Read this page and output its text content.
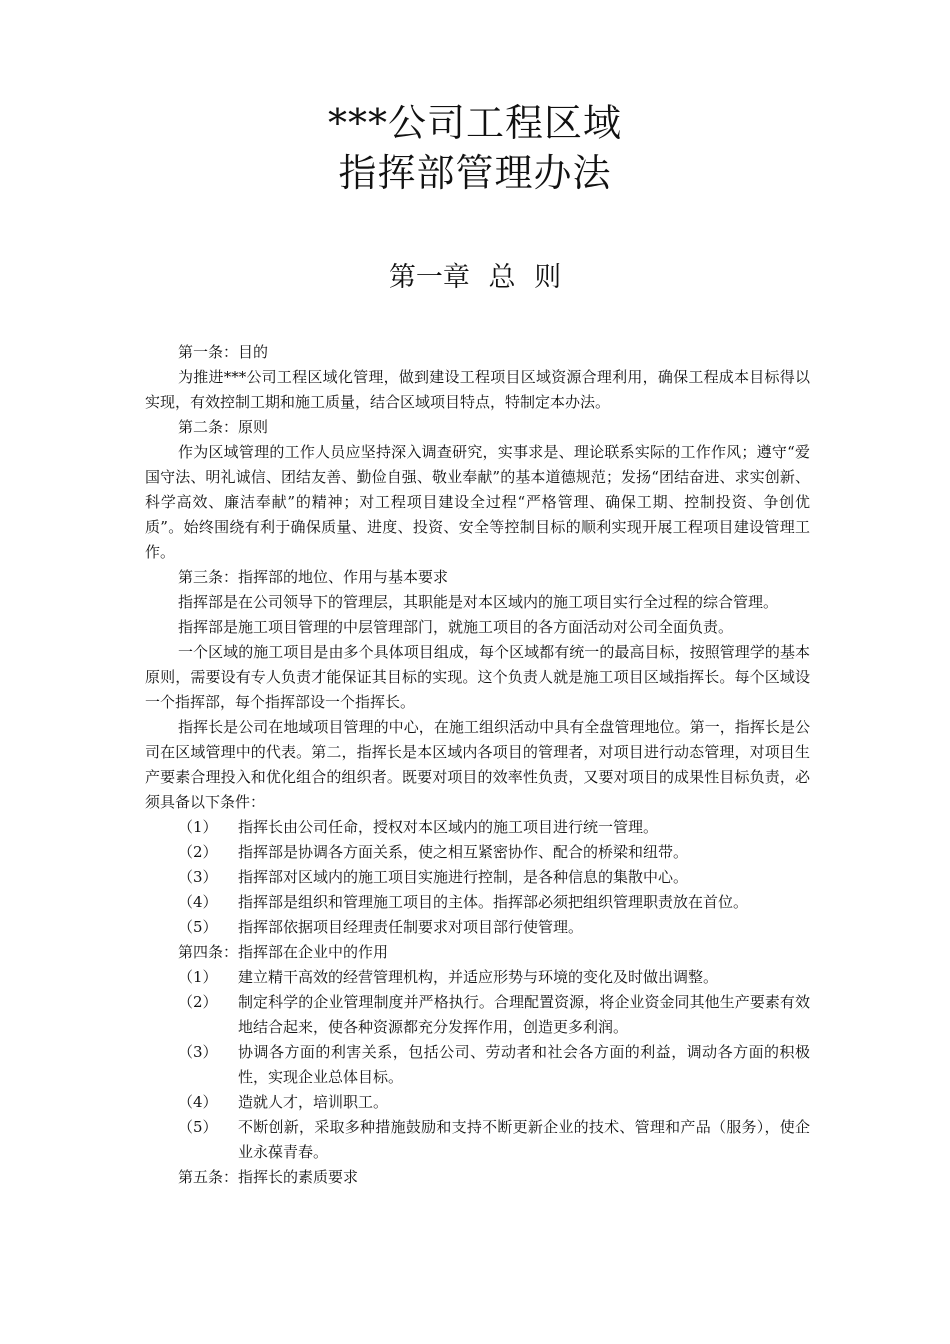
***公司工程区域
指挥部管理办法
第一章 总 则

第一条：目的

为推进***公司工程区域化管理，做到建设工程项目区域资源合理利用，确保工程成本目标得以实现，有效控制工期和施工质量，结合区域项目特点，特制定本办法。

第二条：原则

作为区域管理的工作人员应坚持深入调查研究，实事求是、理论联系实际的工作作风；遵守“爱国守法、明礼诚信、团结友善、勤俭自强、敬业奉献”的基本道德规范；发扬“团结奋进、求实创新、科学高效、廉洁奉献”的精神；对工程项目建设全过程“严格管理、确保工期、控制投资、争创优质”。始终围绕有利于确保质量、进度、投资、安全等控制目标的顺利实现开展工程项目建设管理工作。

第三条：指挥部的地位、作用与基本要求

指挥部是在公司领导下的管理层，其职能是对本区域内的施工项目实行全过程的综合管理。

指挥部是施工项目管理的中层管理部门，就施工项目的各方面活动对公司全面负责。

一个区域的施工项目是由多个具体项目组成，每个区域都有统一的最高目标，按照管理学的基本原则，需要设有专人负责才能保证其目标的实现。这个负责人就是施工项目区域指挥长。每个区域设一个指挥部，每个指挥部设一个指挥长。

指挥长是公司在地域项目管理的中心，在施工组织活动中具有全盘管理地位。第一，指挥长是公司在区域管理中的代表。第二，指挥长是本区域内各项目的管理者，对项目进行动态管理，对项目生产要素合理投入和优化组合的组织者。既要对项目的效率性负责，又要对项目的成果性目标负责，必须具备以下条件：

（1） 指挥长由公司任命，授权对本区域内的施工项目进行统一管理。

（2） 指挥部是协调各方面关系，使之相互紧密协作、配合的桥梁和纽带。

（3） 指挥部对区域内的施工项目实施进行控制，是各种信息的集散中心。

（4） 指挥部是组织和管理施工项目的主体。指挥部必须把组织管理职责放在首位。

（5） 指挥部依据项目经理责任制要求对项目部行使管理。

第四条：指挥部在企业中的作用

（1） 建立精干高效的经营管理机构，并适应形势与环境的变化及时做出调整。

（2） 制定科学的企业管理制度并严格执行。合理配置资源，将企业资金同其他生产要素有效地结合起来，使各种资源都充分发挥作用，创造更多利润。

（3） 协调各方面的利害关系，包括公司、劳动者和社会各方面的利益，调动各方面的积极性，实现企业总体目标。

（4） 造就人才，培训职工。

（5） 不断创新，采取多种措施鼓励和支持不断更新企业的技术、管理和产品（服务），使企业永葆青春。

第五条：指挥长的素质要求
